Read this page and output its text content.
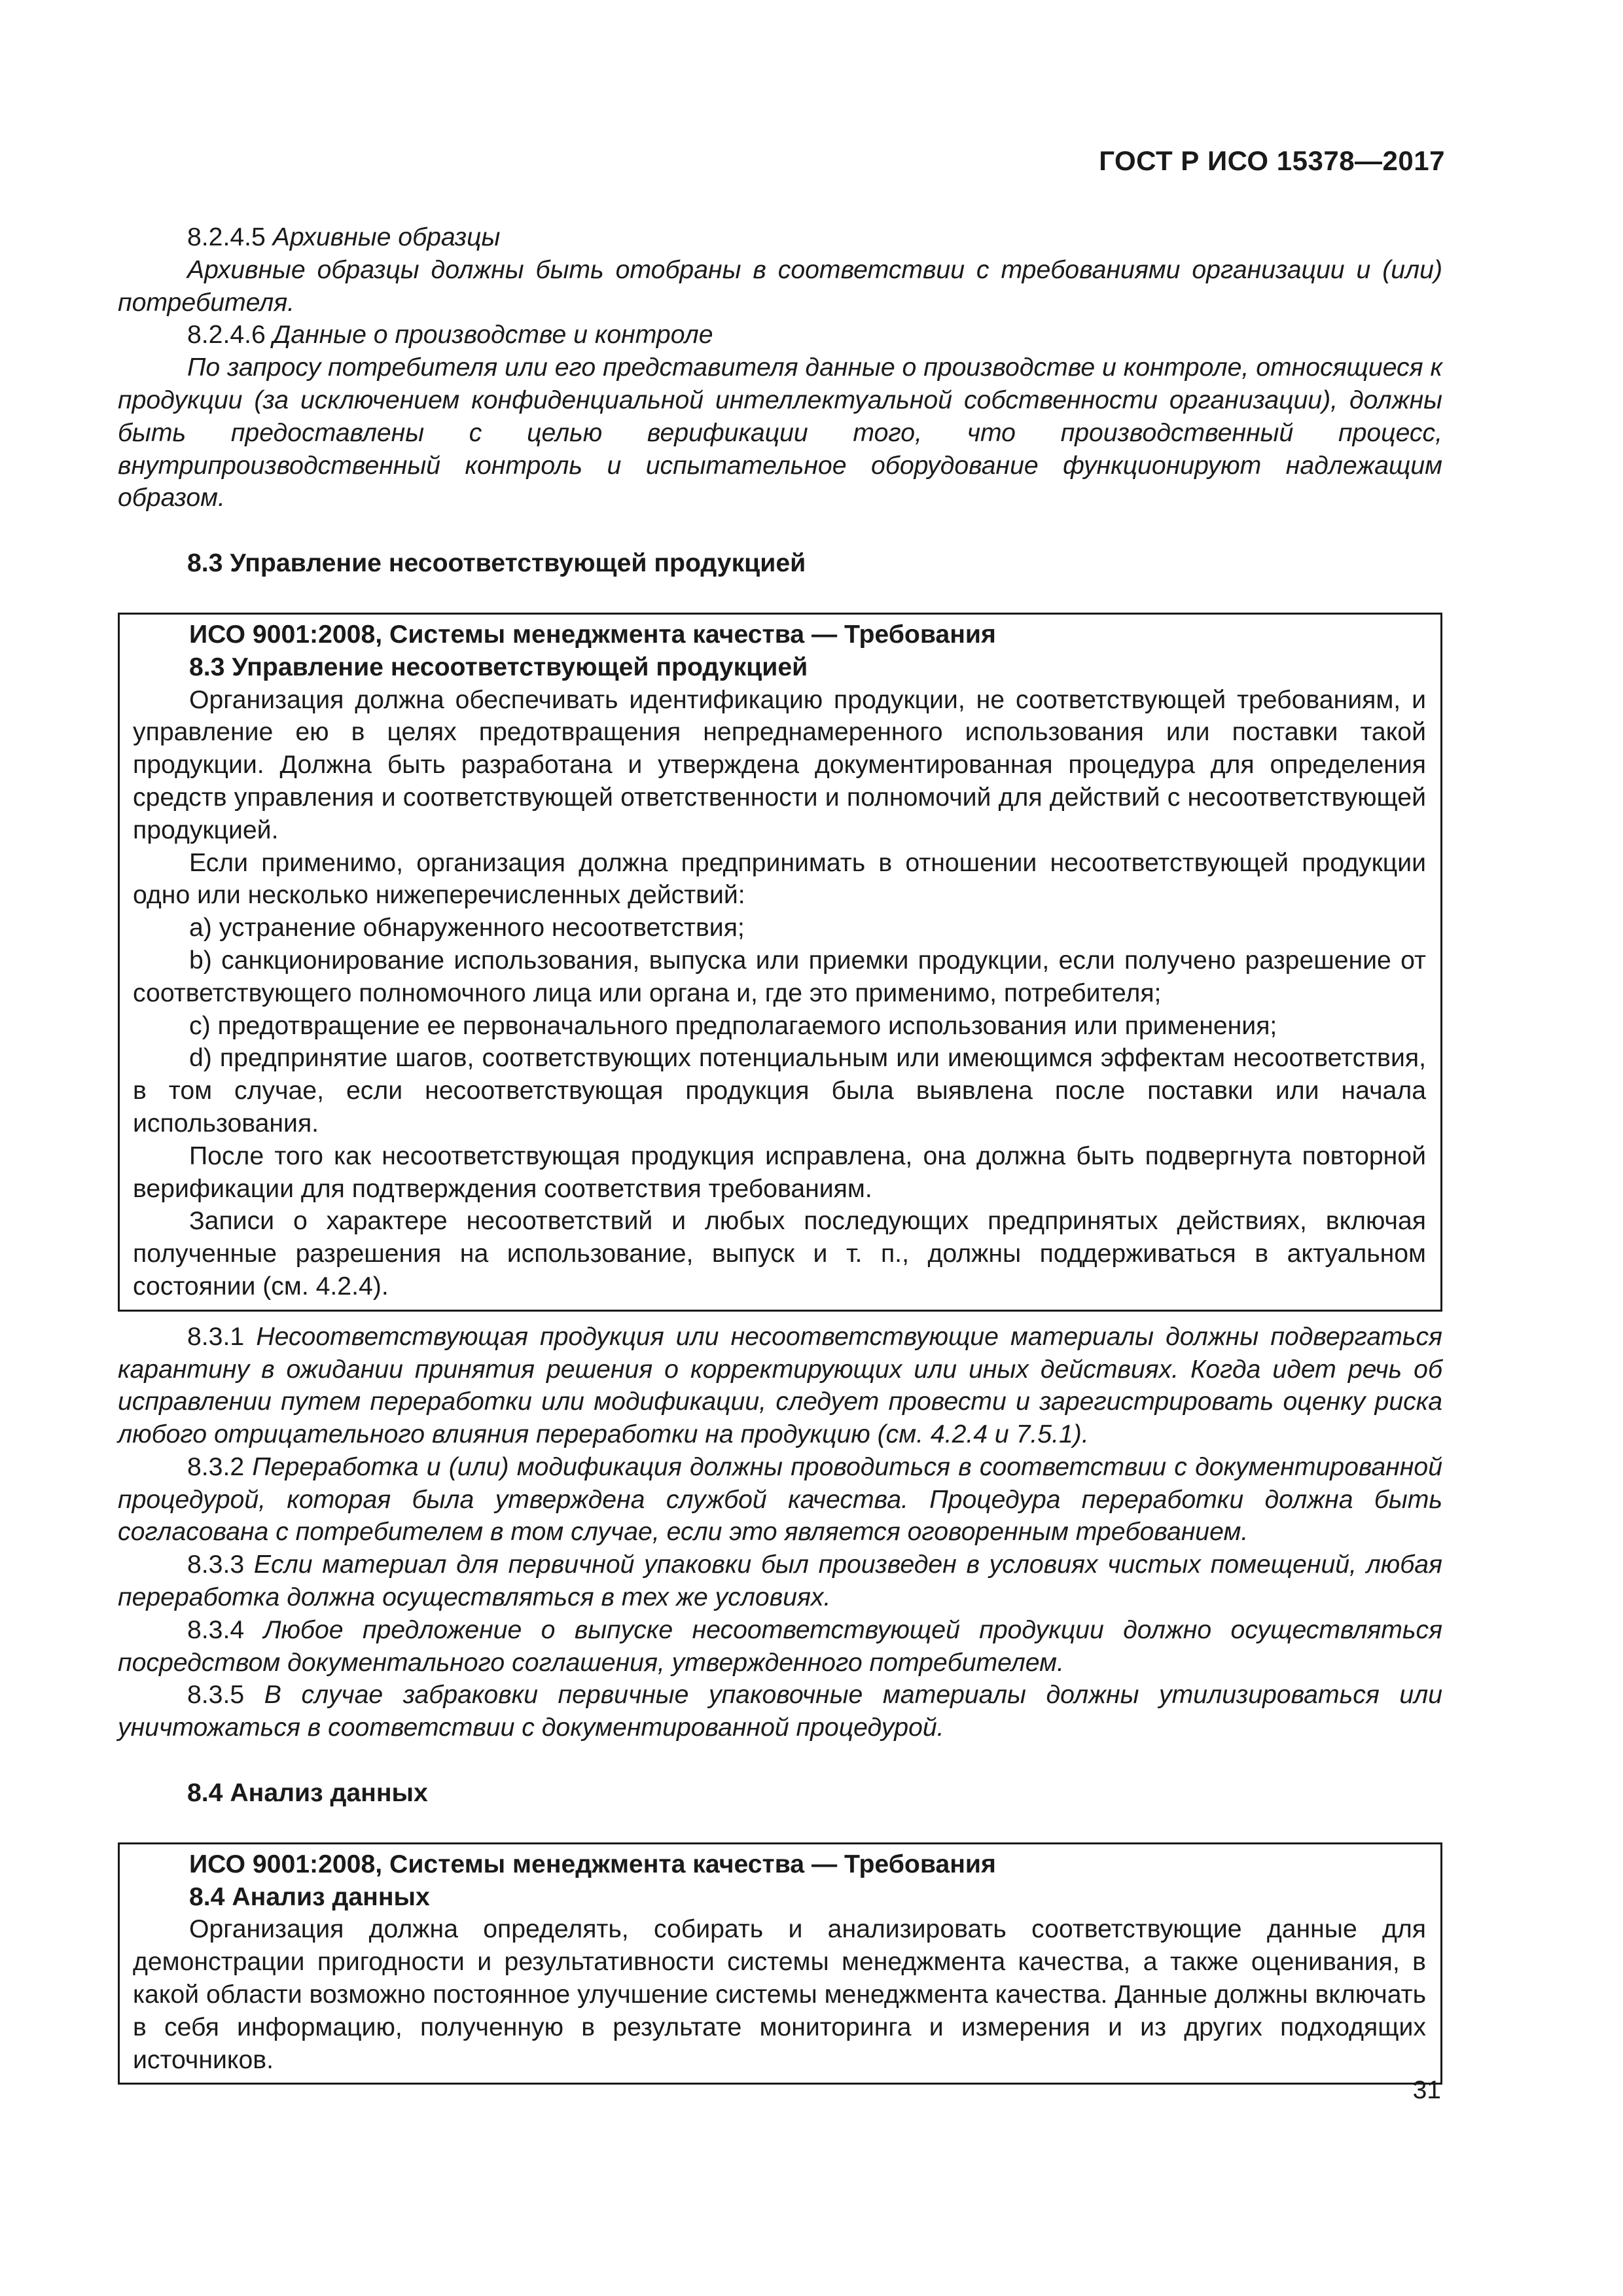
ГОСТ Р ИСО 15378—2017

8.2.4.5 Архивные образцы

Архивные образцы должны быть отобраны в соответствии с требованиями организации и (или) потребителя.

8.2.4.6 Данные о производстве и контроле

По запросу потребителя или его представителя данные о производстве и контроле, относящиеся к продукции (за исключением конфиденциальной интеллектуальной собственности организации), должны быть предоставлены с целью верификации того, что производственный процесс, внутрипроизводственный контроль и испытательное оборудование функционируют надлежащим образом.

8.3 Управление несоответствующей продукцией

ИСО 9001:2008, Системы менеджмента качества — Требования

8.3 Управление несоответствующей продукцией

Организация должна обеспечивать идентификацию продукции, не соответствующей требованиям, и управление ею в целях предотвращения непреднамеренного использования или поставки такой продукции. Должна быть разработана и утверждена документированная процедура для определения средств управления и соответствующей ответственности и полномочий для действий с несоответствующей продукцией.

Если применимо, организация должна предпринимать в отношении несоответствующей продукции одно или несколько нижеперечисленных действий:

a) устранение обнаруженного несоответствия;

b) санкционирование использования, выпуска или приемки продукции, если получено разрешение от соответствующего полномочного лица или органа и, где это применимо, потребителя;

c) предотвращение ее первоначального предполагаемого использования или применения;

d) предпринятие шагов, соответствующих потенциальным или имеющимся эффектам несоответствия, в том случае, если несоответствующая продукция была выявлена после поставки или начала использования.

После того как несоответствующая продукция исправлена, она должна быть подвергнута повторной верификации для подтверждения соответствия требованиям.

Записи о характере несоответствий и любых последующих предпринятых действиях, включая полученные разрешения на использование, выпуск и т. п., должны поддерживаться в актуальном состоянии (см. 4.2.4).

8.3.1 Несоответствующая продукция или несоответствующие материалы должны подвергаться карантину в ожидании принятия решения о корректирующих или иных действиях. Когда идет речь об исправлении путем переработки или модификации, следует провести и зарегистрировать оценку риска любого отрицательного влияния переработки на продукцию (см. 4.2.4 и 7.5.1).

8.3.2 Переработка и (или) модификация должны проводиться в соответствии с документированной процедурой, которая была утверждена службой качества. Процедура переработки должна быть согласована с потребителем в том случае, если это является оговоренным требованием.

8.3.3 Если материал для первичной упаковки был произведен в условиях чистых помещений, любая переработка должна осуществляться в тех же условиях.

8.3.4 Любое предложение о выпуске несоответствующей продукции должно осуществляться посредством документального соглашения, утвержденного потребителем.

8.3.5 В случае забраковки первичные упаковочные материалы должны утилизироваться или уничтожаться в соответствии с документированной процедурой.

8.4 Анализ данных

ИСО 9001:2008, Системы менеджмента качества — Требования

8.4 Анализ данных

Организация должна определять, собирать и анализировать соответствующие данные для демонстрации пригодности и результативности системы менеджмента качества, а также оценивания, в какой области возможно постоянное улучшение системы менеджмента качества. Данные должны включать в себя информацию, полученную в результате мониторинга и измерения и из других подходящих источников.

31
